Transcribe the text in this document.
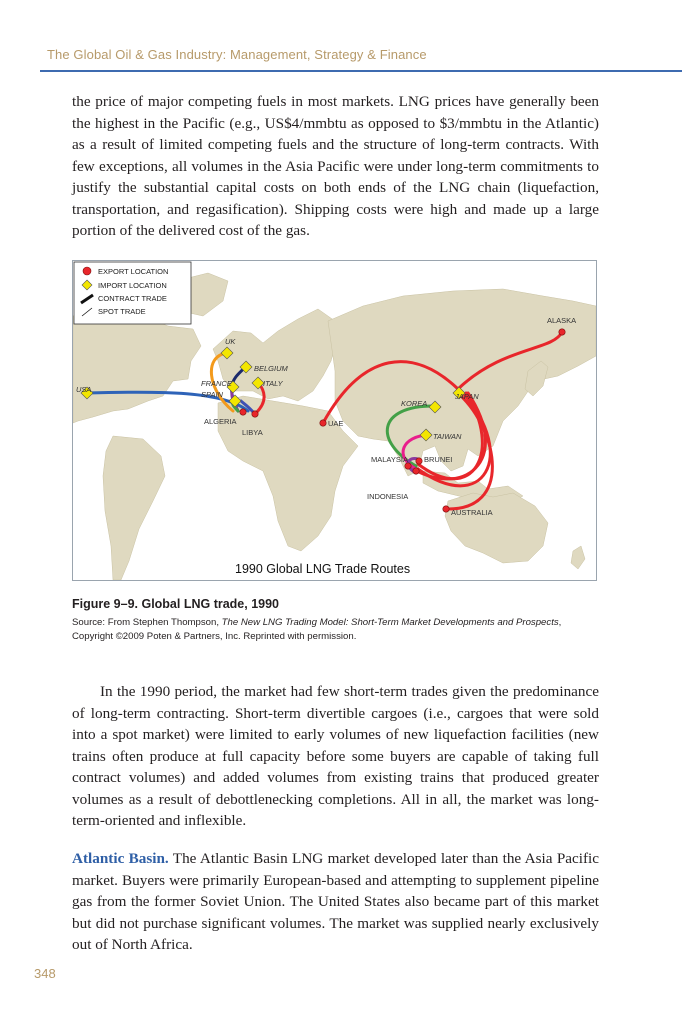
The Global Oil & Gas Industry: Management, Strategy & Finance

the price of major competing fuels in most markets. LNG prices have generally been the highest in the Pacific (e.g., US$4/mmbtu as opposed to $3/mmbtu in the Atlantic) as a result of limited competing fuels and the structure of long-term contracts. With few exceptions, all volumes in the Asia Pacific were under long-term commitments to justify the substantial capital costs on both ends of the LNG chain (liquefaction, transportation, and regasification). Shipping costs were high and made up a large portion of the delivered cost of the gas.

UK
BELGIUM
FRANCE	ITALY
SPAIN
USA
ALGERIA
LIBYA
UAE
JAPAN
KOREA
TAIWAN
MALAYSIA BRUNEI
INDONESIA
AUSTRALIA
ALASKA
EXPORT LOCATION
IMPORT LOCATION
CONTRACT TRADE
SPOT TRADE
1990 Global LNG Trade Routes
Figure 9–9. Global LNG trade, 1990
Source: From Stephen Thompson, The New LNG Trading Model: Short-Term Market Developments and Prospects, Copyright ©2009 Poten & Partners, Inc. Reprinted with permission.

In the 1990 period, the market had few short-term trades given the predominance of long-term contracting. Short-term divertible cargoes (i.e., cargoes that were sold into a spot market) were limited to early volumes of new liquefaction facilities (new trains often produce at full capacity before some buyers are capable of taking full contract volumes) and added volumes from existing trains that produced greater volumes as a result of debottlenecking completions. All in all, the market was long-term-oriented and inflexible.

Atlantic Basin. The Atlantic Basin LNG market developed later than the Asia Pacific market. Buyers were primarily European-based and attempting to supplement pipeline gas from the former Soviet Union. The United States also became part of this market but did not purchase significant volumes. The market was supplied nearly exclusively out of North Africa.

348
